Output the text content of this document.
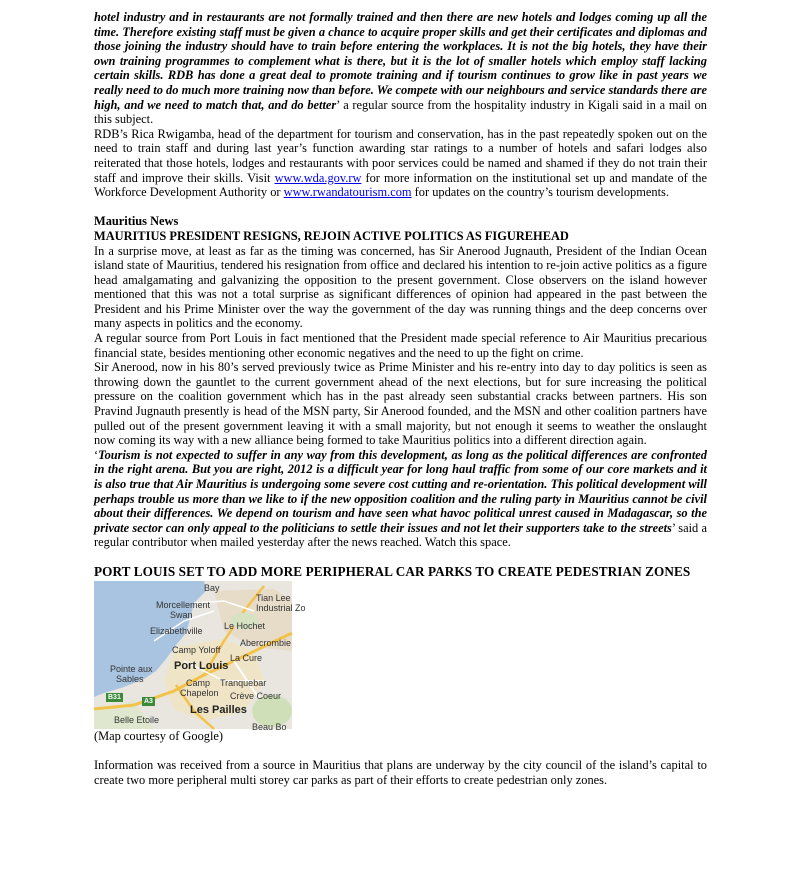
hotel industry and in restaurants are not formally trained and then there are new hotels and lodges coming up all the time. Therefore existing staff must be given a chance to acquire proper skills and get their certificates and diplomas and those joining the industry should have to train before entering the workplaces. It is not the big hotels, they have their own training programmes to complement what is there, but it is the lot of smaller hotels which employ staff lacking certain skills. RDB has done a great deal to promote training and if tourism continues to grow like in past years we really need to do much more training now than before. We compete with our neighbours and service standards there are high, and we need to match that, and do better’ a regular source from the hospitality industry in Kigali said in a mail on this subject.

RDB’s Rica Rwigamba, head of the department for tourism and conservation, has in the past repeatedly spoken out on the need to train staff and during last year’s function awarding star ratings to a number of hotels and safari lodges also reiterated that those hotels, lodges and restaurants with poor services could be named and shamed if they do not train their staff and improve their skills. Visit www.wda.gov.rw for more information on the institutional set up and mandate of the Workforce Development Authority or www.rwandatourism.com for updates on the country’s tourism developments.

Mauritius News

MAURITIUS PRESIDENT RESIGNS, REJOIN ACTIVE POLITICS AS FIGUREHEAD

In a surprise move, at least as far as the timing was concerned, has Sir Anerood Jugnauth, President of the Indian Ocean island state of Mauritius, tendered his resignation from office and declared his intention to re-join active politics as a figure head amalgamating and galvanizing the opposition to the present government. Close observers on the island however mentioned that this was not a total surprise as significant differences of opinion had appeared in the past between the President and his Prime Minister over the way the government of the day was running things and the deep concerns over many aspects in politics and the economy.

A regular source from Port Louis in fact mentioned that the President made special reference to Air Mauritius precarious financial state, besides mentioning other economic negatives and the need to up the fight on crime.

Sir Anerood, now in his 80’s served previously twice as Prime Minister and his re-entry into day to day politics is seen as throwing down the gauntlet to the current government ahead of the next elections, but for sure increasing the political pressure on the coalition government which has in the past already seen substantial cracks between partners. His son Pravind Jugnauth presently is head of the MSN party, Sir Anerood founded, and the MSN and other coalition partners have pulled out of the present government leaving it with a small majority, but not enough it seems to weather the onslaught now coming its way with a new alliance being formed to take Mauritius politics into a different direction again.

‘Tourism is not expected to suffer in any way from this development, as long as the political differences are confronted in the right arena. But you are right, 2012 is a difficult year for long haul traffic from some of our core markets and it is also true that Air Mauritius is undergoing some severe cost cutting and re-orientation. This political development will perhaps trouble us more than we like to if the new opposition coalition and the ruling party in Mauritius cannot be civil about their differences. We depend on tourism and have seen what havoc political unrest caused in Madagascar, so the private sector can only appeal to the politicians to settle their issues and not let their supporters take to the streets’ said a regular contributor when mailed yesterday after the news reached. Watch this space.

PORT LOUIS SET TO ADD MORE PERIPHERAL CAR PARKS TO CREATE PEDESTRIAN ZONES

Bay
Morcellement
Swan
Tian Lee
Industrial Zo
Elizabethville Le Hochet
Abercrombie
Camp Yoloff
La Cure
Pointe aux
Sables
Port Louis
Camp
Chapelon
Tranquebar
Crève Coeur
B31
A3
Les Pailles
Belle Etoile
Beau Bo

(Map courtesy of Google)

Information was received from a source in Mauritius that plans are underway by the city council of the island’s capital to create two more peripheral multi storey car parks as part of their efforts to create pedestrian only zones.
